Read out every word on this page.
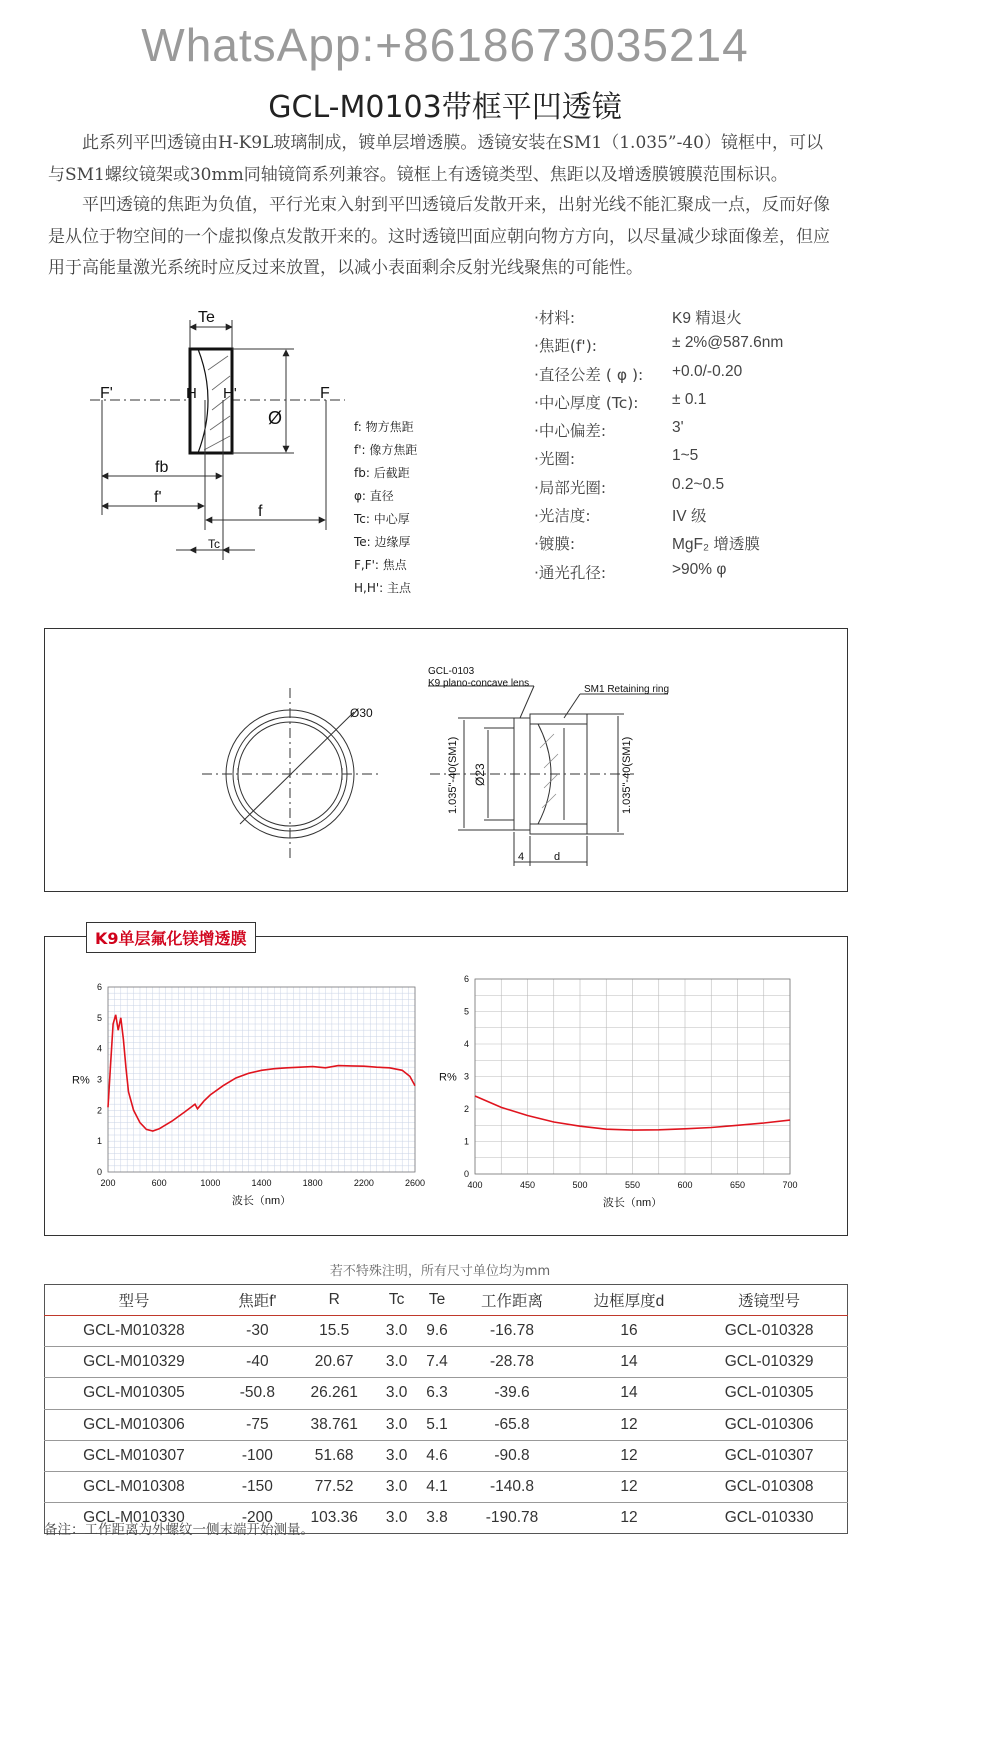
WhatsApp:+8618673035214
GCL-M0103带框平凹透镜

此系列平凹透镜由H-K9L玻璃制成，镀单层增透膜。透镜安装在SM1（1.035”-40）镜框中，可以与SM1螺纹镜架或30mm同轴镜筒系列兼容。镜框上有透镜类型、焦距以及增透膜镀膜范围标识。

平凹透镜的焦距为负值，平行光束入射到平凹透镜后发散开来，出射光线不能汇聚成一点，反而好像是从位于物空间的一个虚拟像点发散开来的。这时透镜凹面应朝向物方方向，以尽量减少球面像差，但应用于高能量激光系统时应反过来放置，以减小表面剩余反射光线聚焦的可能性。

Te
Ø
F'	H H'	F
fb
f'
f
Tc
f: 物方焦距
f': 像方焦距
fb: 后截距
φ: 直径
Tc: 中心厚
Te: 边缘厚
F,F': 焦点
H,H': 主点
·材料:	K9 精退火
·焦距(f'):	± 2%@587.6nm
·直径公差 ( φ ): +0.0/-0.20
·中心厚度 (Tc): ± 0.1
·中心偏差:	3'
·光圈:	1~5
·局部光圈:	0.2~0.5
·光洁度:	IV 级
·镀膜:	MgF₂ 增透膜
·通光孔径:	>90% φ
Ø30
GCL-0103
K9 plano-concave lens
SM1 Retaining ring
Ø23
1.035"-40(SM1)	1.035"-40(SM1)
4	d
K9单层氟化镁增透膜
200	600	1000	1400	1800	2200	2600
0
1
2
3
4
5
6
R%
波长（nm）
400	450	500	550	600	650	700
0
1
2
3
4
5
6
R%
波长（nm）
若不特殊注明，所有尺寸单位均为mm
型号	焦距f'	R	Tc	Te	工作距离	边框厚度d	透镜型号
GCL-M010328	-30	15.5	3.0	9.6	-16.78	16	GCL-010328
GCL-M010329	-40	20.67	3.0	7.4	-28.78	14	GCL-010329
GCL-M010305	-50.8	26.261	3.0	6.3	-39.6	14	GCL-010305
GCL-M010306	-75	38.761	3.0	5.1	-65.8	12	GCL-010306
GCL-M010307	-100	51.68	3.0	4.6	-90.8	12	GCL-010307
GCL-M010308	-150	77.52	3.0	4.1	-140.8	12	GCL-010308
GCL-M010330	-200	103.36	3.0	3.8	-190.78	12	GCL-010330
备注：工作距离为外螺纹一侧末端开始测量。
